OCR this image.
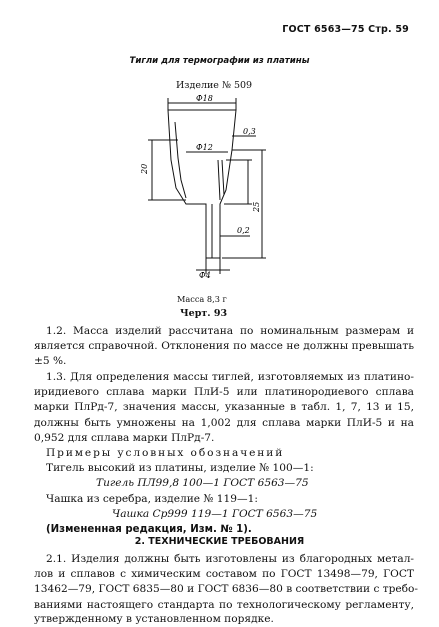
ГОСТ 6563—75 Стр. 59
Тигли для термографии из платины
Изделие № 509
Ф18
Ф12
0,3
20
25
0,2
Ф4
Масса 8,3 г
Черт. 93
1.2. Масса изделий рассчитана по номинальным размерам и
является справочной. Отклонения по массе не должны превышать
±5 %.
1.3. Для определения массы тиглей, изготовляемых из платино-
иридиевого сплава марки ПлИ-5 или платинородиевого сплава
марки ПлРд-7, значения массы, указанные в табл. 1, 7, 13 и 15,
должны быть умножены на 1,002 для сплава марки ПлИ-5 и на
0,952 для сплава марки ПлРд-7.
Примеры условных обозначений
Тигель высокий из платины, изделие № 100—1:
Тигель ПЛ99,8 100—1 ГОСТ 6563—75
Чашка из серебра, изделие № 119—1:
Чашка Ср999 119—1 ГОСТ 6563—75
(Измененная редакция, Изм. № 1).
2. ТЕХНИЧЕСКИЕ ТРЕБОВАНИЯ
2.1. Изделия должны быть изготовлены из благородных метал-
лов и сплавов с химическим составом по ГОСТ 13498—79, ГОСТ
13462—79, ГОСТ 6835—80 и ГОСТ 6836—80 в соответствии с требо-
ваниями настоящего стандарта по технологическому регламенту,
утвержденному в установленном порядке.
